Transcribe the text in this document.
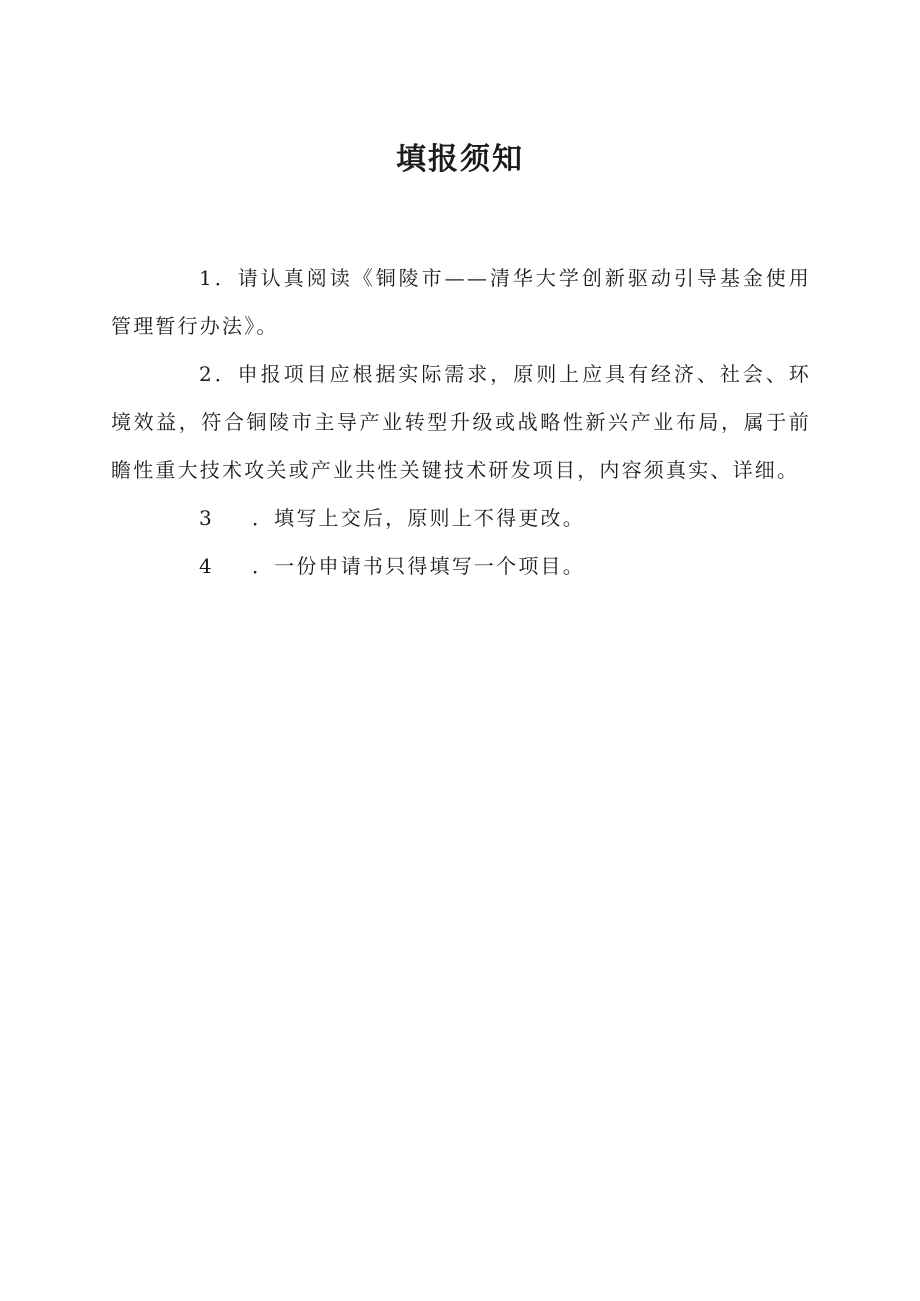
填报须知

1．请认真阅读《铜陵市——清华大学创新驱动引导基金使用管理暂行办法》。

2．申报项目应根据实际需求，原则上应具有经济、社会、环境效益，符合铜陵市主导产业转型升级或战略性新兴产业布局，属于前瞻性重大技术攻关或产业共性关键技术研发项目，内容须真实、详细。

3 ．填写上交后，原则上不得更改。

4 ．一份申请书只得填写一个项目。
